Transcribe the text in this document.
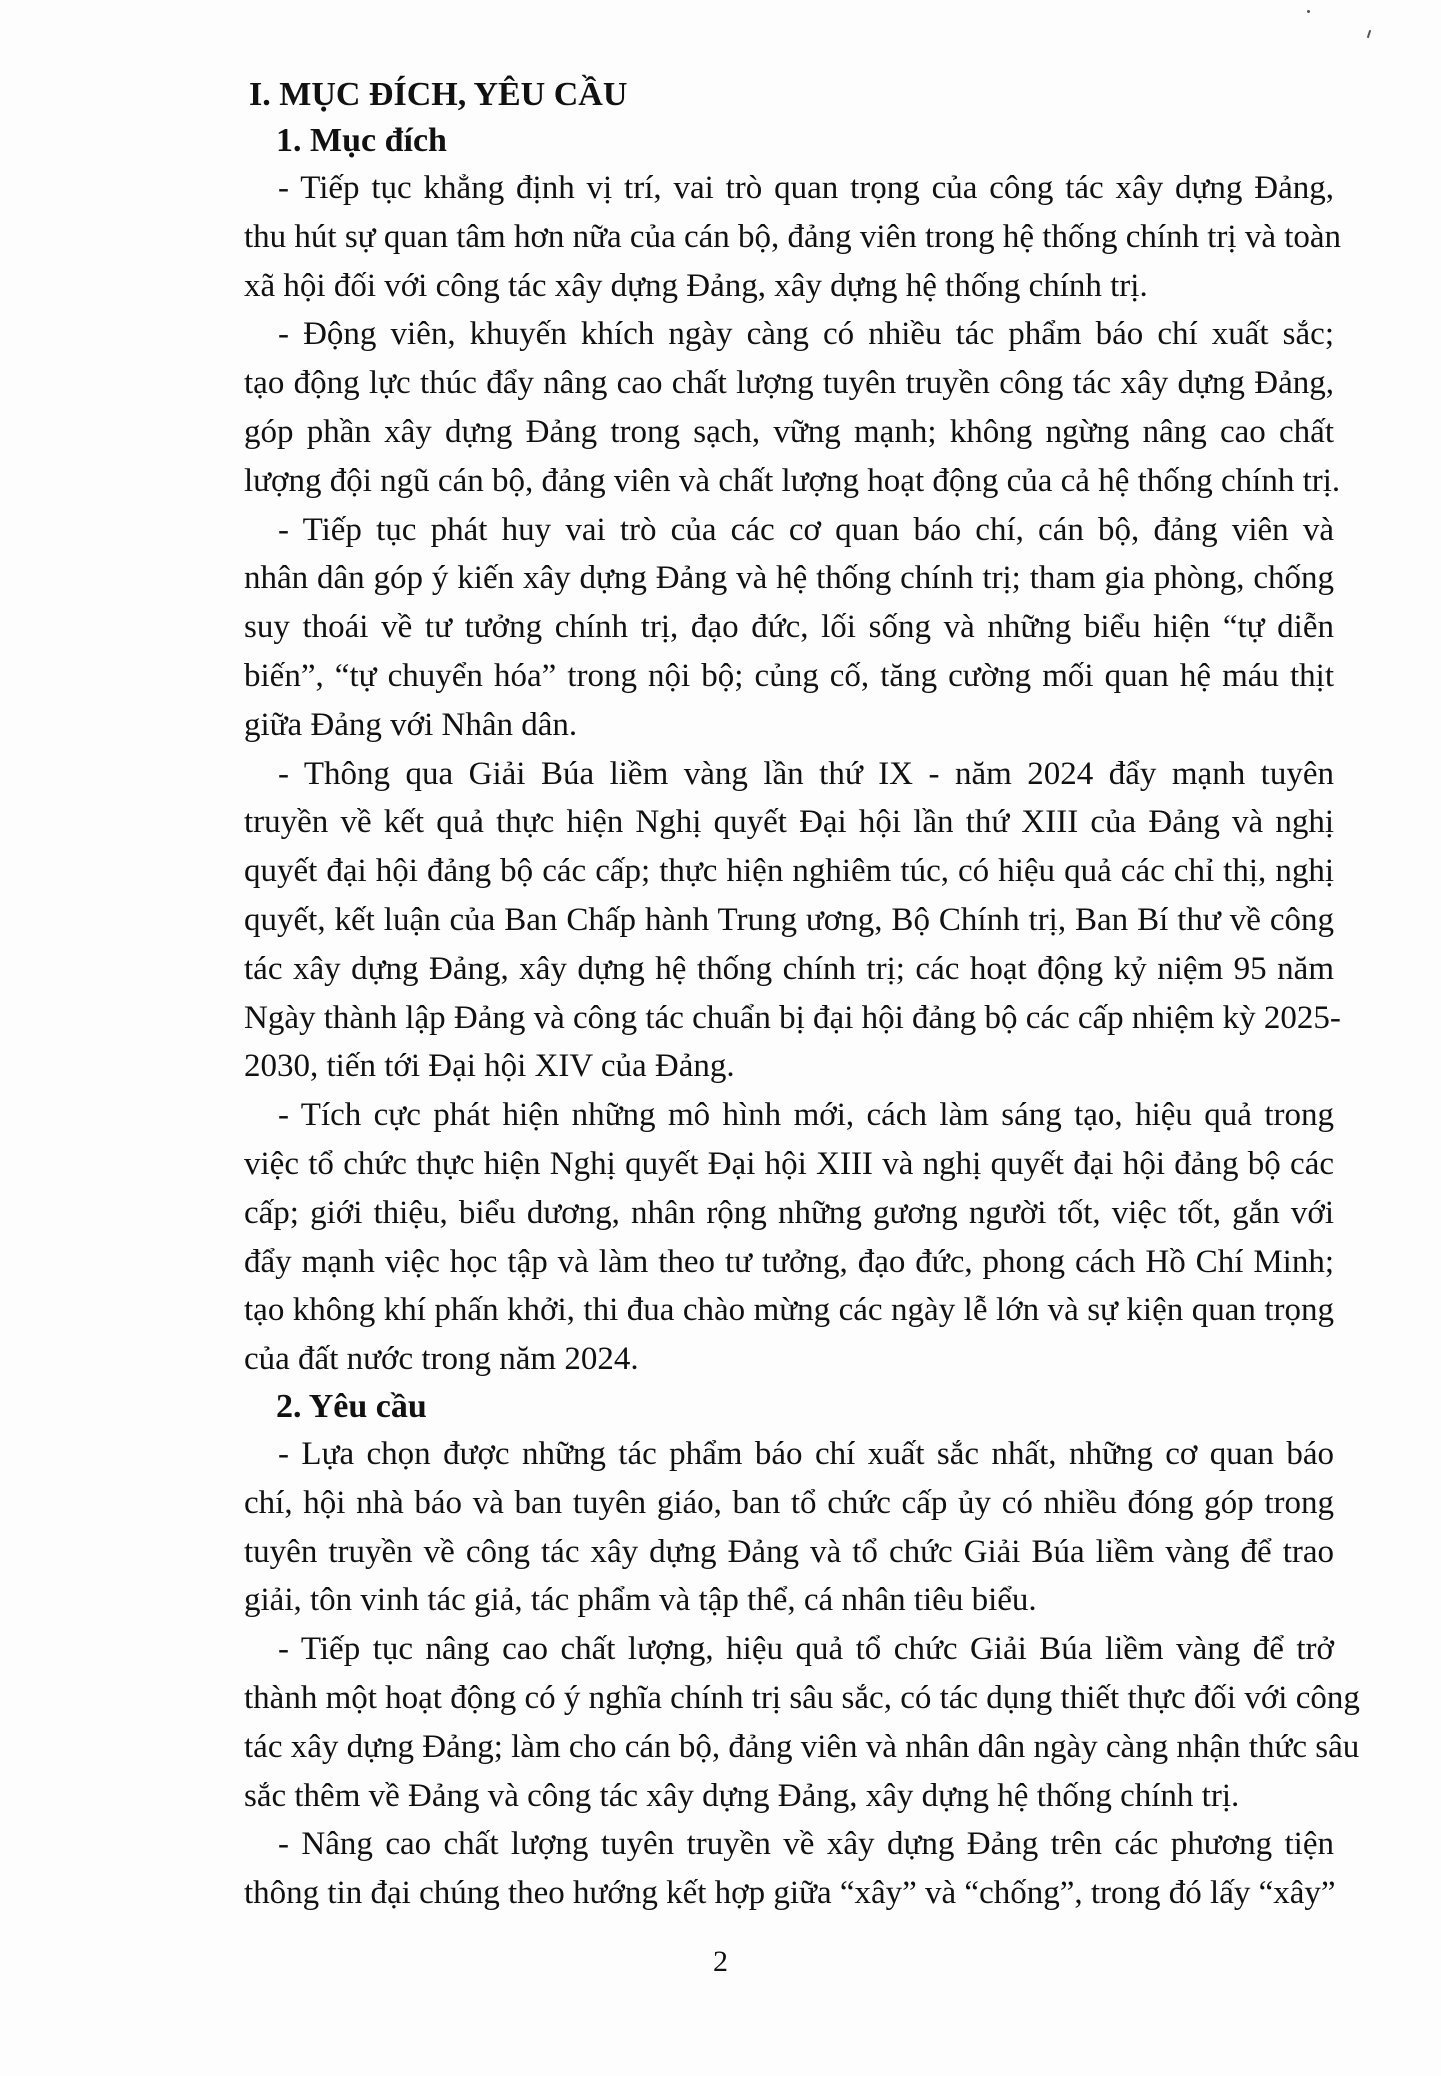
I. MỤC ĐÍCH, YÊU CẦU
1. Mục đích
- Tiếp tục khẳng định vị trí, vai trò quan trọng của công tác xây dựng Đảng,
thu hút sự quan tâm hơn nữa của cán bộ, đảng viên trong hệ thống chính trị và toàn
xã hội đối với công tác xây dựng Đảng, xây dựng hệ thống chính trị.
- Động viên, khuyến khích ngày càng có nhiều tác phẩm báo chí xuất sắc;
tạo động lực thúc đẩy nâng cao chất lượng tuyên truyền công tác xây dựng Đảng,
góp phần xây dựng Đảng trong sạch, vững mạnh; không ngừng nâng cao chất
lượng đội ngũ cán bộ, đảng viên và chất lượng hoạt động của cả hệ thống chính trị.
- Tiếp tục phát huy vai trò của các cơ quan báo chí, cán bộ, đảng viên và
nhân dân góp ý kiến xây dựng Đảng và hệ thống chính trị; tham gia phòng, chống
suy thoái về tư tưởng chính trị, đạo đức, lối sống và những biểu hiện “tự diễn
biến”, “tự chuyển hóa” trong nội bộ; củng cố, tăng cường mối quan hệ máu thịt
giữa Đảng với Nhân dân.
- Thông qua Giải Búa liềm vàng lần thứ IX - năm 2024 đẩy mạnh tuyên
truyền về kết quả thực hiện Nghị quyết Đại hội lần thứ XIII của Đảng và nghị
quyết đại hội đảng bộ các cấp; thực hiện nghiêm túc, có hiệu quả các chỉ thị, nghị
quyết, kết luận của Ban Chấp hành Trung ương, Bộ Chính trị, Ban Bí thư về công
tác xây dựng Đảng, xây dựng hệ thống chính trị; các hoạt động kỷ niệm 95 năm
Ngày thành lập Đảng và công tác chuẩn bị đại hội đảng bộ các cấp nhiệm kỳ 2025-
2030, tiến tới Đại hội XIV của Đảng.
- Tích cực phát hiện những mô hình mới, cách làm sáng tạo, hiệu quả trong
việc tổ chức thực hiện Nghị quyết Đại hội XIII và nghị quyết đại hội đảng bộ các
cấp; giới thiệu, biểu dương, nhân rộng những gương người tốt, việc tốt, gắn với
đẩy mạnh việc học tập và làm theo tư tưởng, đạo đức, phong cách Hồ Chí Minh;
tạo không khí phấn khởi, thi đua chào mừng các ngày lễ lớn và sự kiện quan trọng
của đất nước trong năm 2024.
2. Yêu cầu
- Lựa chọn được những tác phẩm báo chí xuất sắc nhất, những cơ quan báo
chí, hội nhà báo và ban tuyên giáo, ban tổ chức cấp ủy có nhiều đóng góp trong
tuyên truyền về công tác xây dựng Đảng và tổ chức Giải Búa liềm vàng để trao
giải, tôn vinh tác giả, tác phẩm và tập thể, cá nhân tiêu biểu.
- Tiếp tục nâng cao chất lượng, hiệu quả tổ chức Giải Búa liềm vàng để trở
thành một hoạt động có ý nghĩa chính trị sâu sắc, có tác dụng thiết thực đối với công
tác xây dựng Đảng; làm cho cán bộ, đảng viên và nhân dân ngày càng nhận thức sâu
sắc thêm về Đảng và công tác xây dựng Đảng, xây dựng hệ thống chính trị.
- Nâng cao chất lượng tuyên truyền về xây dựng Đảng trên các phương tiện
thông tin đại chúng theo hướng kết hợp giữa “xây” và “chống”, trong đó lấy “xây”
2
